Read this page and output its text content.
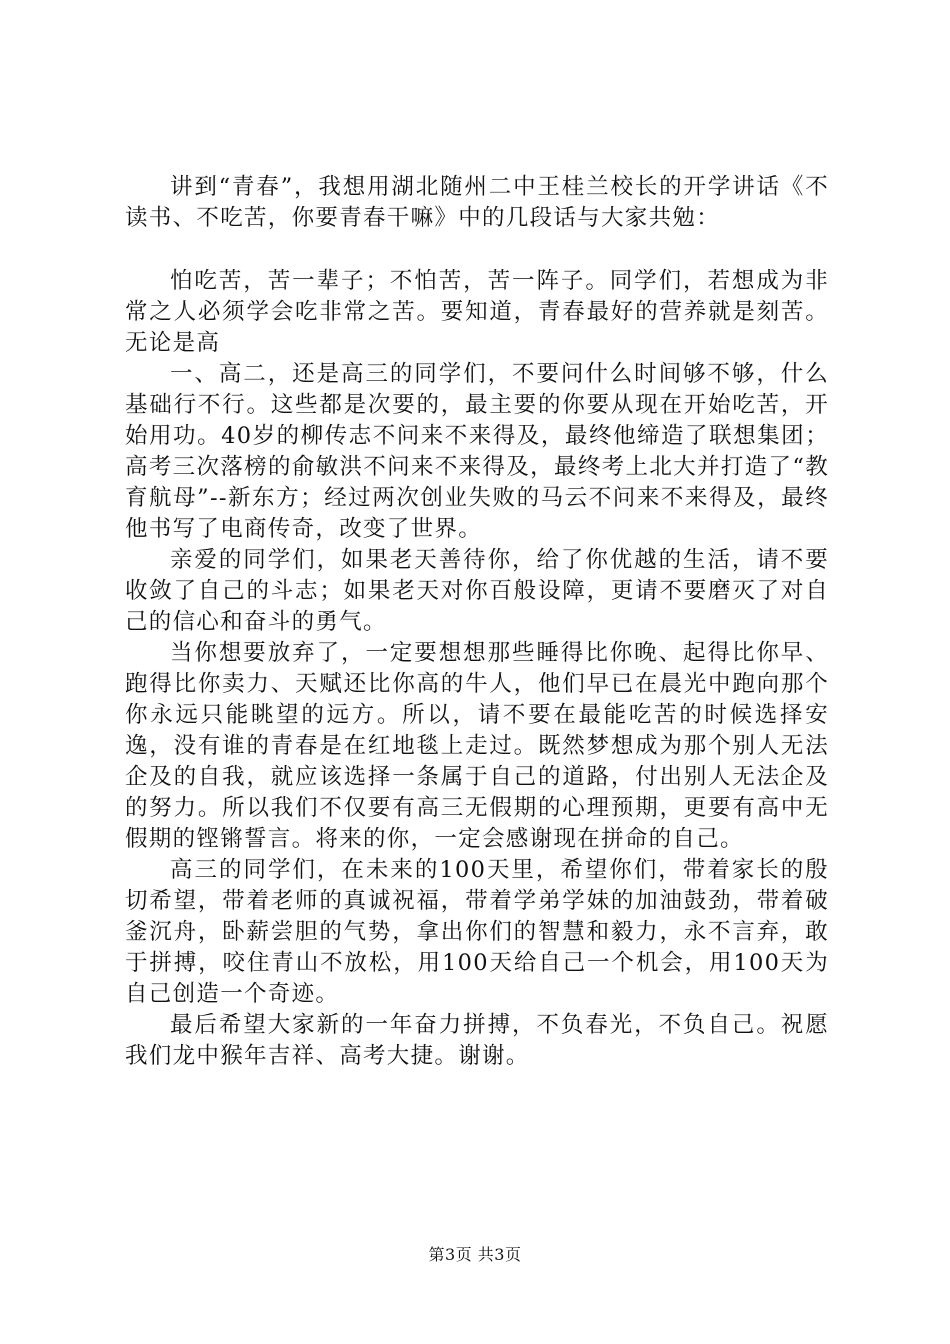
讲到“青春”，我想用湖北随州二中王桂兰校长的开学讲话《不读书、不吃苦，你要青春干嘛》中的几段话与大家共勉：

怕吃苦，苦一辈子；不怕苦，苦一阵子。同学们，若想成为非常之人必须学会吃非常之苦。要知道，青春最好的营养就是刻苦。无论是高

一、高二，还是高三的同学们，不要问什么时间够不够，什么基础行不行。这些都是次要的，最主要的你要从现在开始吃苦，开始用功。40岁的柳传志不问来不来得及，最终他缔造了联想集团；高考三次落榜的俞敏洪不问来不来得及，最终考上北大并打造了“教育航母”--新东方；经过两次创业失败的马云不问来不来得及，最终他书写了电商传奇，改变了世界。

亲爱的同学们，如果老天善待你，给了你优越的生活，请不要收敛了自己的斗志；如果老天对你百般设障，更请不要磨灭了对自己的信心和奋斗的勇气。

当你想要放弃了，一定要想想那些睡得比你晚、起得比你早、跑得比你卖力、天赋还比你高的牛人，他们早已在晨光中跑向那个你永远只能眺望的远方。所以，请不要在最能吃苦的时候选择安逸，没有谁的青春是在红地毯上走过。既然梦想成为那个别人无法企及的自我，就应该选择一条属于自己的道路，付出别人无法企及的努力。所以我们不仅要有高三无假期的心理预期，更要有高中无假期的铿锵誓言。将来的你，一定会感谢现在拼命的自己。

高三的同学们，在未来的100天里，希望你们，带着家长的殷切希望，带着老师的真诚祝福，带着学弟学妹的加油鼓劲，带着破釜沉舟，卧薪尝胆的气势，拿出你们的智慧和毅力，永不言弃，敢于拼搏，咬住青山不放松，用100天给自己一个机会，用100天为自己创造一个奇迹。

最后希望大家新的一年奋力拼搏，不负春光，不负自己。祝愿我们龙中猴年吉祥、高考大捷。谢谢。

第3页 共3页
